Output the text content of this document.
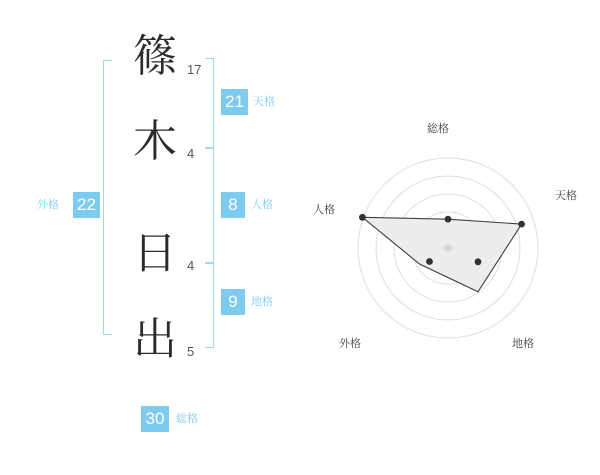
篠 17
木 4
日 4
出 5
21 天格
8	人格
9	地格
外格 22
30	総格
総格
天格
地格
外格
人格
